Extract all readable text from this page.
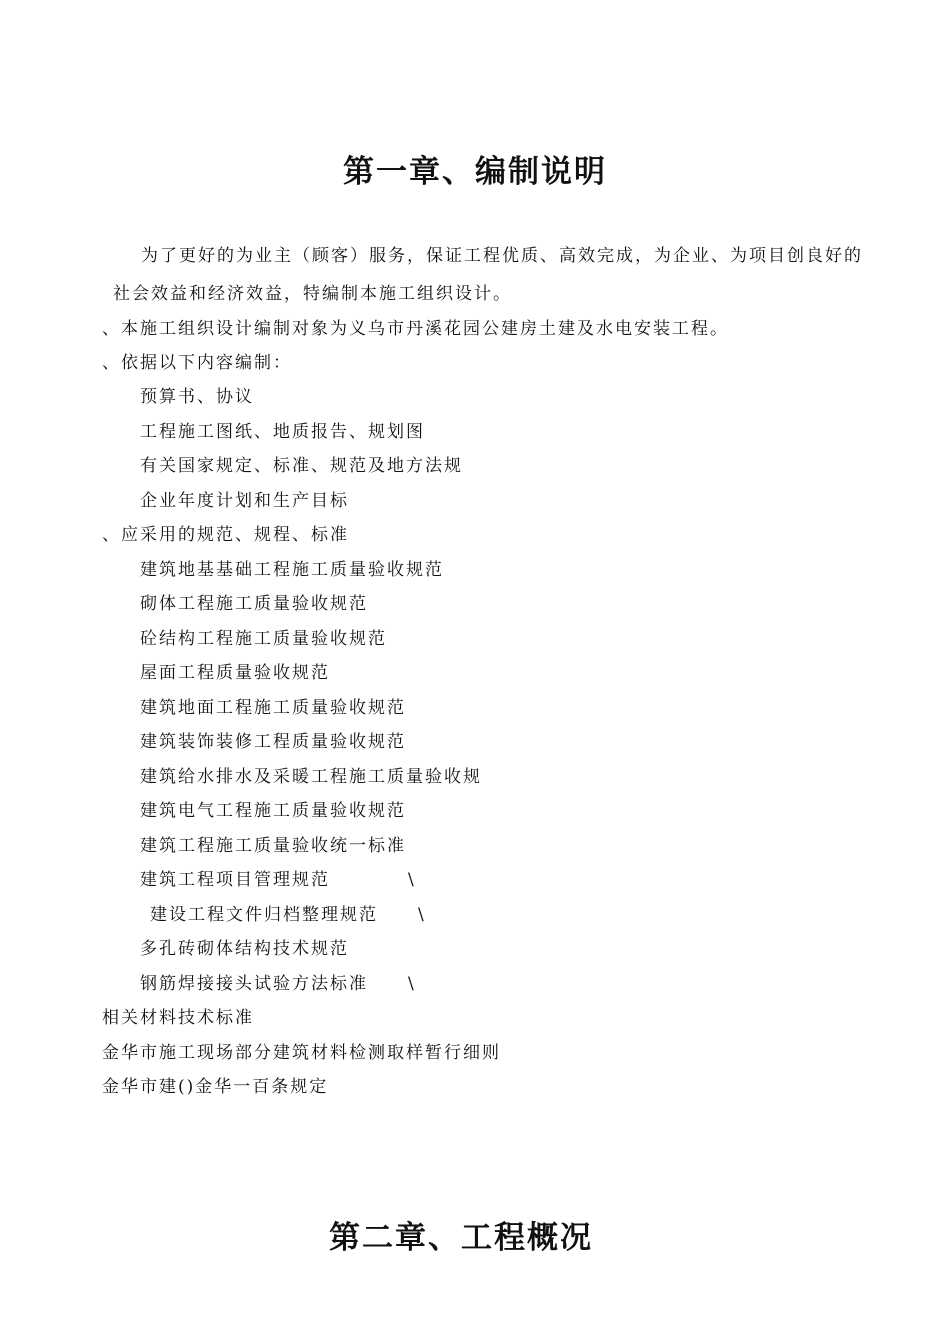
第一章、编制说明

为了更好的为业主（顾客）服务，保证工程优质、高效完成，为企业、为项目创良好的

社会效益和经济效益，特编制本施工组织设计。

、本施工组织设计编制对象为义乌市丹溪花园公建房土建及水电安装工程。

、依据以下内容编制：

预算书、协议

工程施工图纸、地质报告、规划图

有关国家规定、标准、规范及地方法规

企业年度计划和生产目标

、应采用的规范、规程、标准

建筑地基基础工程施工质量验收规范

砌体工程施工质量验收规范

砼结构工程施工质量验收规范

屋面工程质量验收规范

建筑地面工程施工质量验收规范

建筑装饰装修工程质量验收规范

建筑给水排水及采暖工程施工质量验收规

建筑电气工程施工质量验收规范

建筑工程施工质量验收统一标准

建筑工程项目管理规范	\

建设工程文件归档整理规范 \

多孔砖砌体结构技术规范

钢筋焊接接头试验方法标准 \

相关材料技术标准

金华市施工现场部分建筑材料检测取样暂行细则

金华市建()金华一百条规定

第二章、工程概况
